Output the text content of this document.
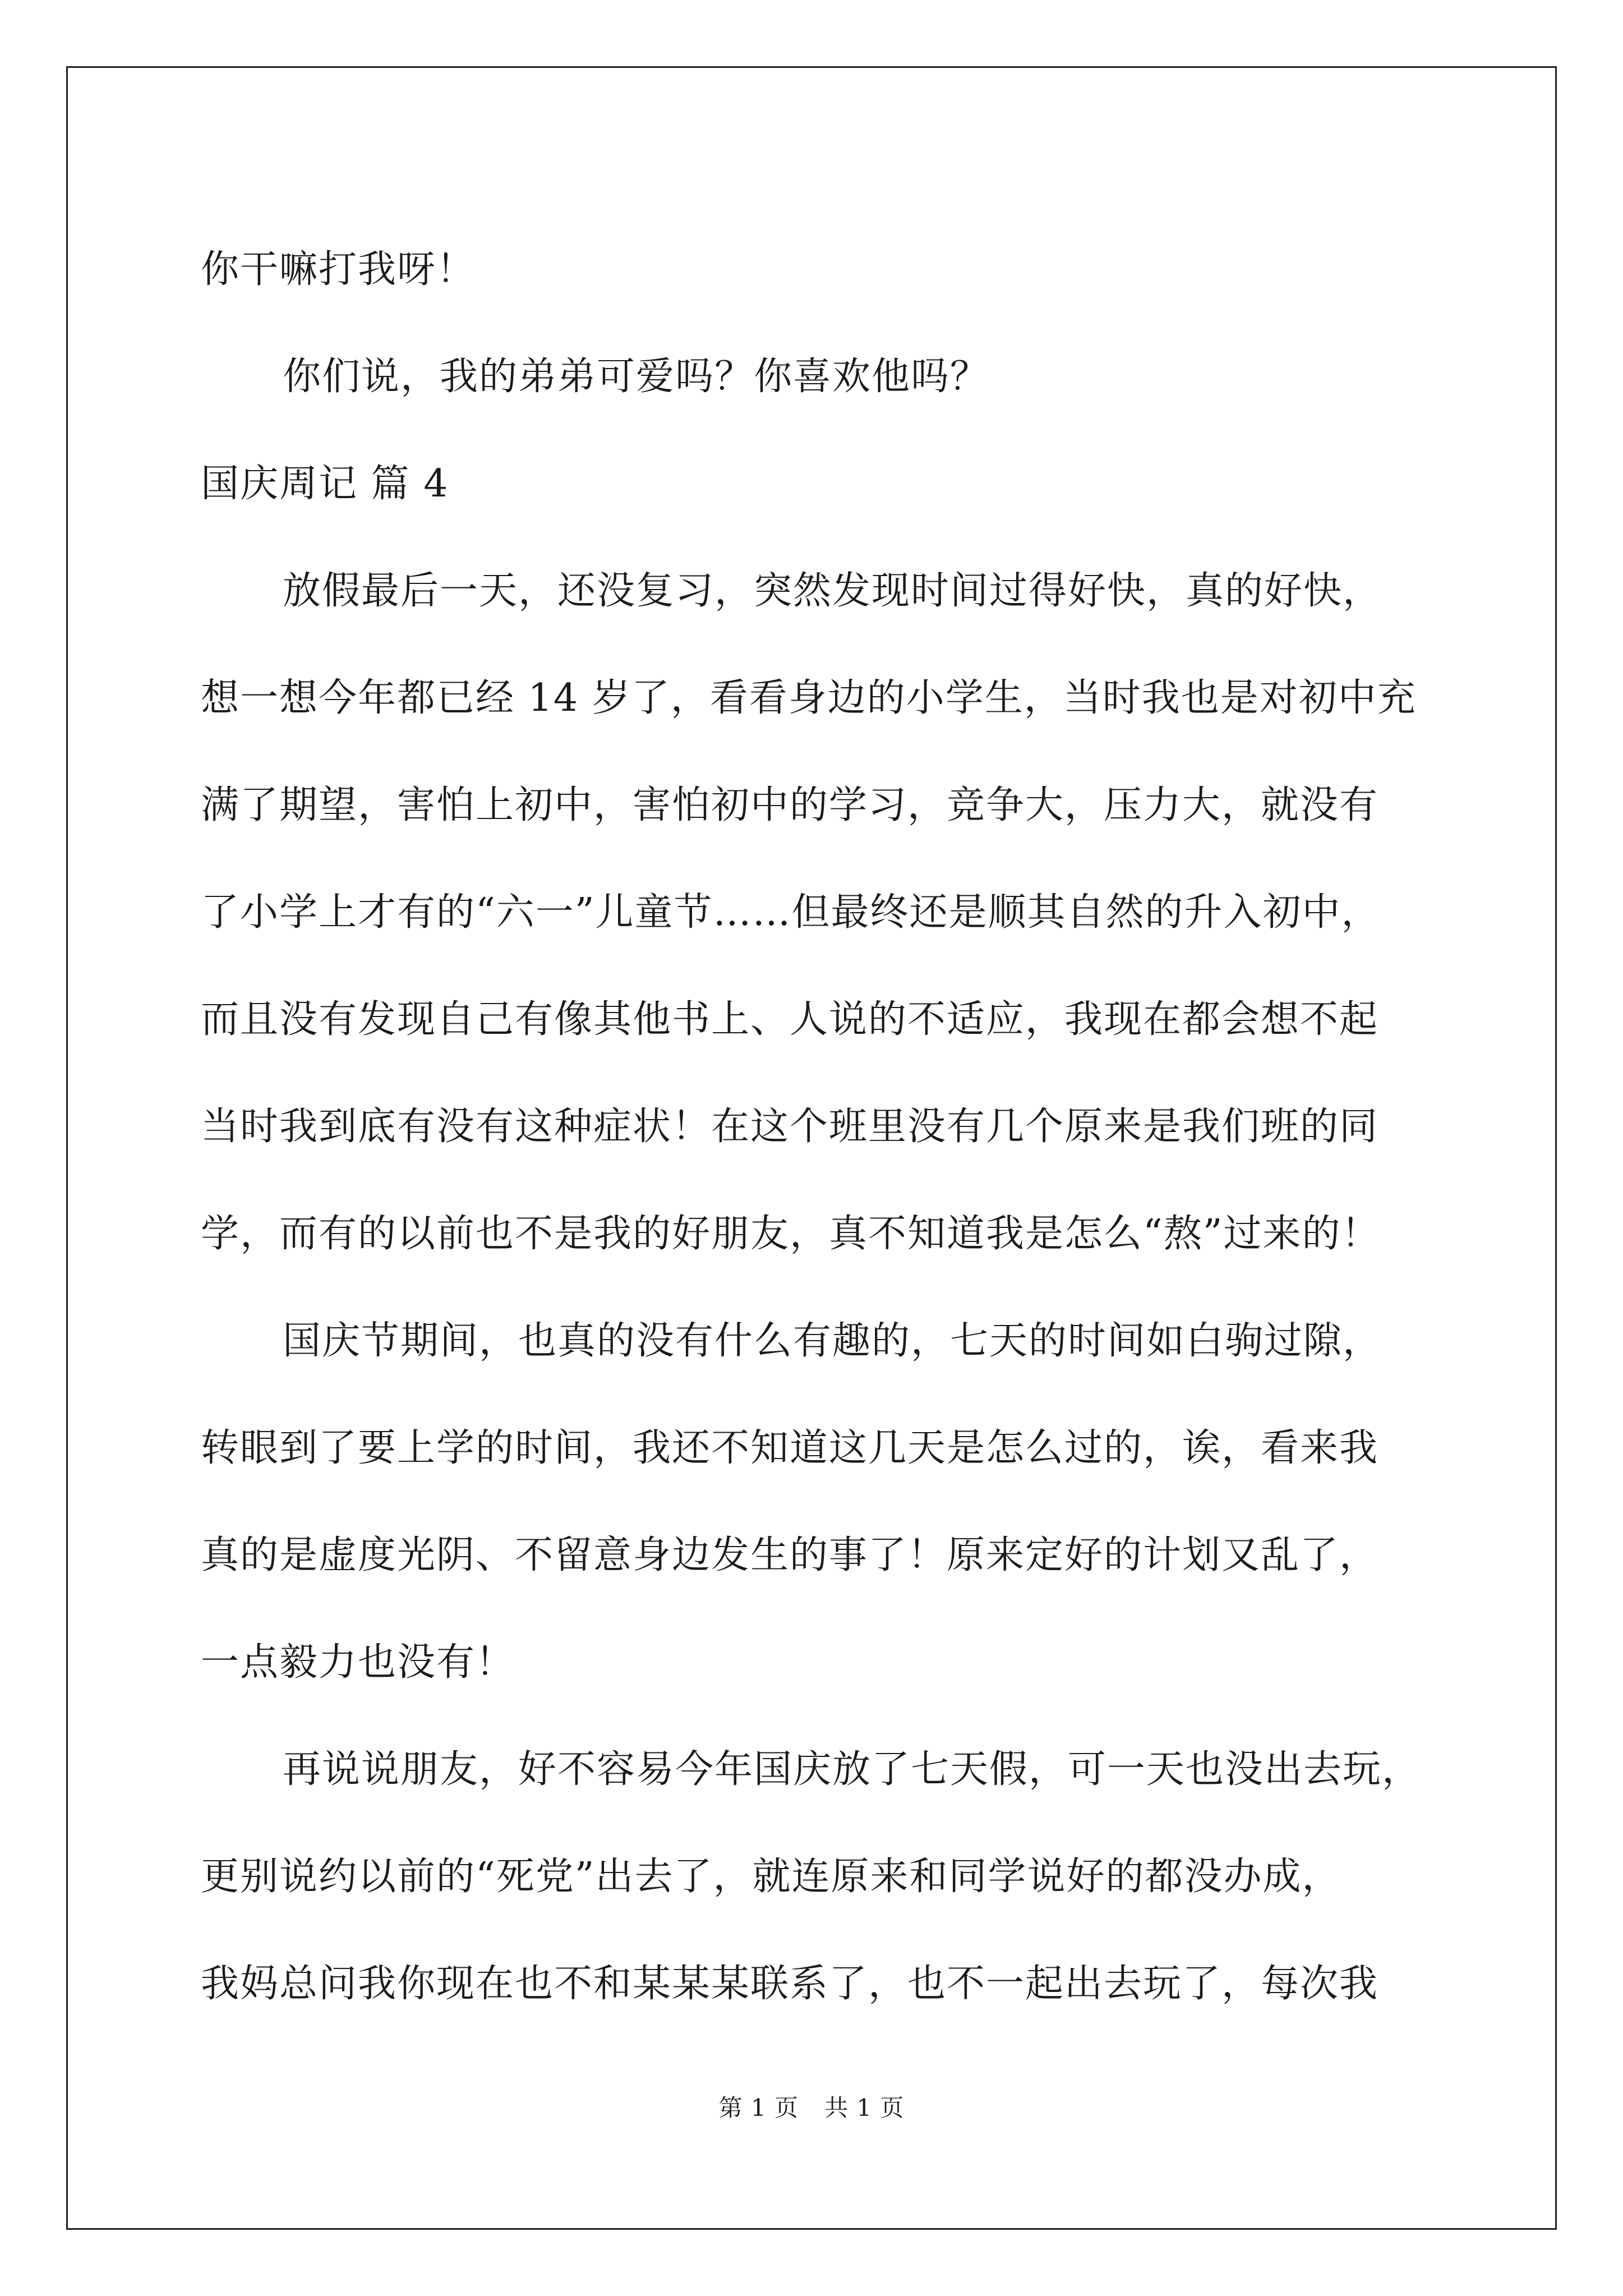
你干嘛打我呀！
你们说，我的弟弟可爱吗？你喜欢他吗？
国庆周记 篇 4
放假最后一天，还没复习，突然发现时间过得好快，真的好快，
想一想今年都已经 14 岁了，看看身边的小学生，当时我也是对初中充
满了期望，害怕上初中，害怕初中的学习，竞争大，压力大，就没有
了小学上才有的“六一”儿童节……但最终还是顺其自然的升入初中，
而且没有发现自己有像其他书上、人说的不适应，我现在都会想不起
当时我到底有没有这种症状！在这个班里没有几个原来是我们班的同
学，而有的以前也不是我的好朋友，真不知道我是怎么“熬”过来的！
国庆节期间，也真的没有什么有趣的，七天的时间如白驹过隙，
转眼到了要上学的时间，我还不知道这几天是怎么过的，诶，看来我
真的是虚度光阴、不留意身边发生的事了！原来定好的计划又乱了，
一点毅力也没有！
再说说朋友，好不容易今年国庆放了七天假，可一天也没出去玩，
更别说约以前的“死党”出去了，就连原来和同学说好的都没办成，
我妈总问我你现在也不和某某某联系了，也不一起出去玩了，每次我
第 1 页 共 1 页
